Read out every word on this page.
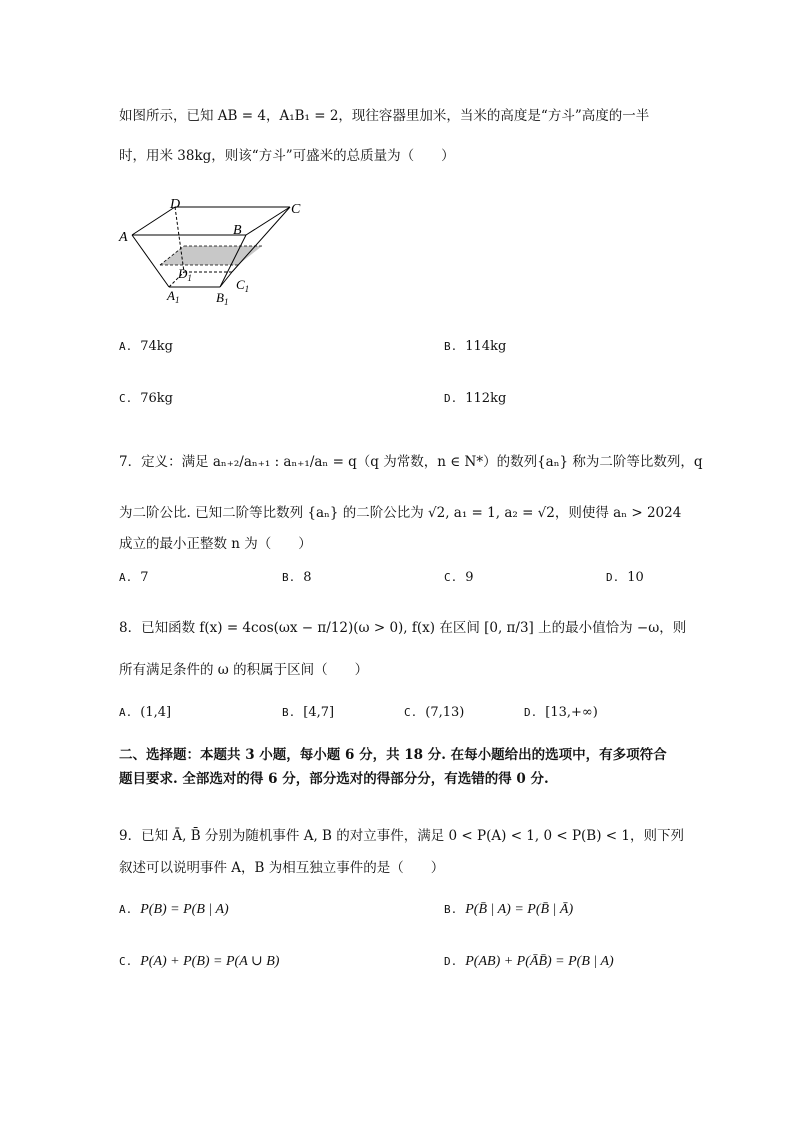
如图所示，已知 AB = 4，A₁B₁ = 2，现往容器里加米，当米的高度是“方斗”高度的一半
时，用米 38kg，则该“方斗”可盛米的总质量为（　　）
A
D	C
B
$D_1$	$C_1$
$A_1$	$B_1$
A. 74kg	B. 114kg
C. 76kg	D. 112kg
7．定义：满足 aₙ₊₂/aₙ₊₁ : aₙ₊₁/aₙ = q（q 为常数，n ∈ N*）的数列{aₙ} 称为二阶等比数列，q
为二阶公比. 已知二阶等比数列 {aₙ} 的二阶公比为 √2, a₁ = 1, a₂ = √2，则使得 aₙ > 2024
成立的最小正整数 n 为（　　）
A. 7	B. 8	C. 9	D. 10
8．已知函数 f(x) = 4cos(ωx − π/12)(ω > 0), f(x) 在区间 [0, π/3] 上的最小值恰为 −ω，则
所有满足条件的 ω 的积属于区间（　　）
A. (1,4]	B. [4,7]	C. (7,13)	D. [13,+∞)
二、选择题：本题共 3 小题，每小题 6 分，共 18 分. 在每小题给出的选项中，有多项符合题目要求. 全部选对的得 6 分，部分选对的得部分分，有选错的得 0 分.
9．已知 Ā, B̄ 分别为随机事件 A, B 的对立事件，满足 0 < P(A) < 1, 0 < P(B) < 1，则下列
叙述可以说明事件 A，B 为相互独立事件的是（　　）
A. P(B) = P(B | A)	B. P(B̄ | A) = P(B̄ | Ā)
C. P(A) + P(B) = P(A ∪ B)	D. P(AB) + P(ĀB̄) = P(B | A)
